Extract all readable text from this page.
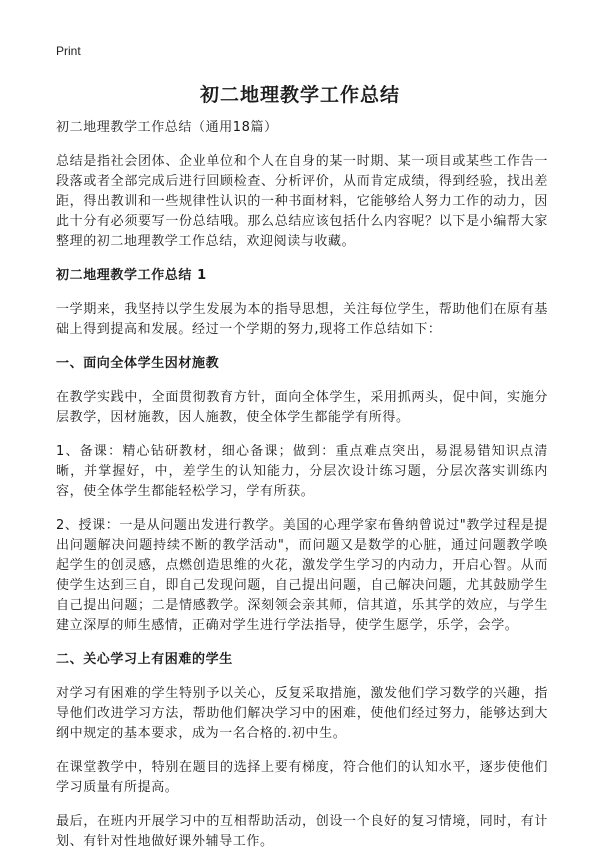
Print
初二地理教学工作总结

初二地理教学工作总结（通用18篇）

总结是指社会团体、企业单位和个人在自身的某一时期、某一项目或某些工作告一段落或者全部完成后进行回顾检查、分析评价，从而肯定成绩，得到经验，找出差距，得出教训和一些规律性认识的一种书面材料，它能够给人努力工作的动力，因此十分有必须要写一份总结哦。那么总结应该包括什么内容呢？以下是小编帮大家整理的初二地理教学工作总结，欢迎阅读与收藏。

初二地理教学工作总结 1

一学期来，我坚持以学生发展为本的指导思想，关注每位学生，帮助他们在原有基础上得到提高和发展。经过一个学期的努力,现将工作总结如下：

一、面向全体学生因材施教

在教学实践中，全面贯彻教育方针，面向全体学生，采用抓两头，促中间，实施分层教学，因材施教，因人施教，使全体学生都能学有所得。

1、备课：精心钻研教材，细心备课；做到：重点难点突出，易混易错知识点清晰，并掌握好，中，差学生的认知能力，分层次设计练习题，分层次落实训练内容，使全体学生都能轻松学习，学有所获。

2、授课：一是从问题出发进行教学。美国的心理学家布鲁纳曾说过"教学过程是提出问题解决问题持续不断的教学活动"，而问题又是数学的心脏，通过问题教学唤起学生的创灵感，点燃创造思维的火花，激发学生学习的内动力，开启心智。从而使学生达到三自，即自己发现问题，自己提出问题，自己解决问题，尤其鼓励学生自己提出问题；二是情感教学。深刻领会亲其师，信其道，乐其学的效应，与学生建立深厚的师生感情，正确对学生进行学法指导，使学生愿学，乐学，会学。

二、关心学习上有困难的学生

对学习有困难的学生特别予以关心，反复采取措施，激发他们学习数学的兴趣，指导他们改进学习方法，帮助他们解决学习中的困难，使他们经过努力，能够达到大纲中规定的基本要求，成为一名合格的.初中生。

在课堂教学中，特别在题目的选择上要有梯度，符合他们的认知水平，逐步使他们学习质量有所提高。

最后，在班内开展学习中的互相帮助活动，创设一个良好的复习情境，同时，有计划、有针对性地做好课外辅导工作。
